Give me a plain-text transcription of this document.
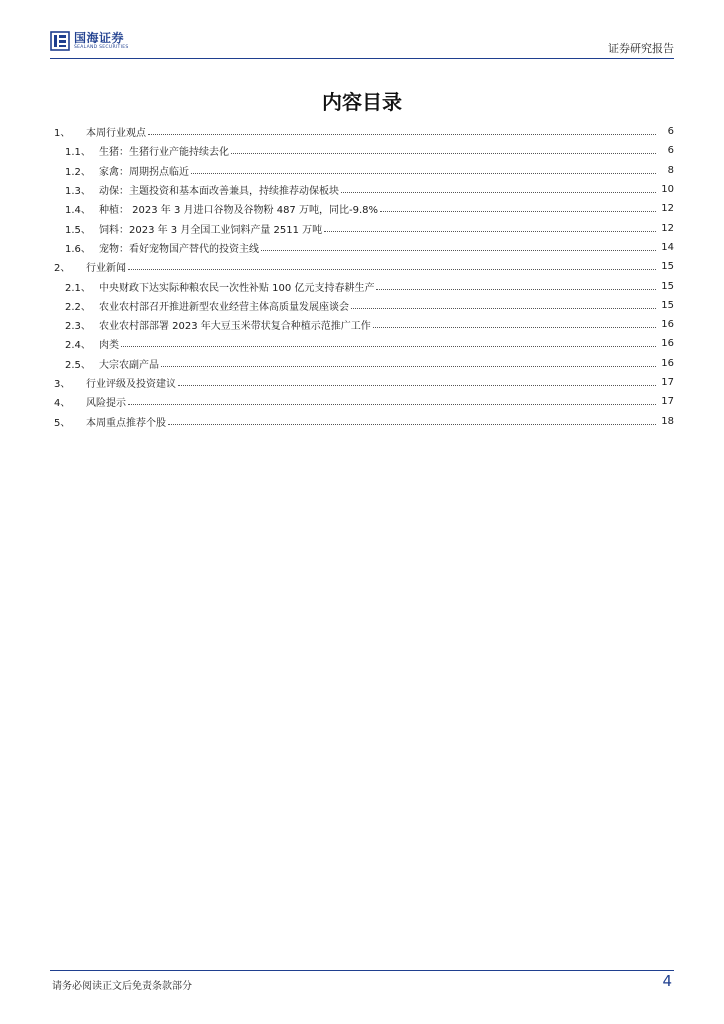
国海证券
SEALAND SECURITIES	证券研究报告
内容目录
1、	本周行业观点	6
1.1、 生猪：生猪行业产能持续去化	6
1.2、 家禽：周期拐点临近	8
1.3、 动保：主题投资和基本面改善兼具，持续推荐动保板块	10
1.4、 种植： 2023 年 3 月进口谷物及谷物粉 487 万吨，同比-9.8%	12
1.5、 饲料：2023 年 3 月全国工业饲料产量 2511 万吨	12
1.6、 宠物：看好宠物国产替代的投资主线	14
2、	行业新闻	15
2.1、 中央财政下达实际种粮农民一次性补贴 100 亿元支持春耕生产	15
2.2、 农业农村部召开推进新型农业经营主体高质量发展座谈会	15
2.3、 农业农村部部署 2023 年大豆玉米带状复合种植示范推广工作	16
2.4、 肉类	16
2.5、 大宗农副产品	16
3、	行业评级及投资建议	17
4、	风险提示	17
5、	本周重点推荐个股	18
请务必阅读正文后免责条款部分	4
